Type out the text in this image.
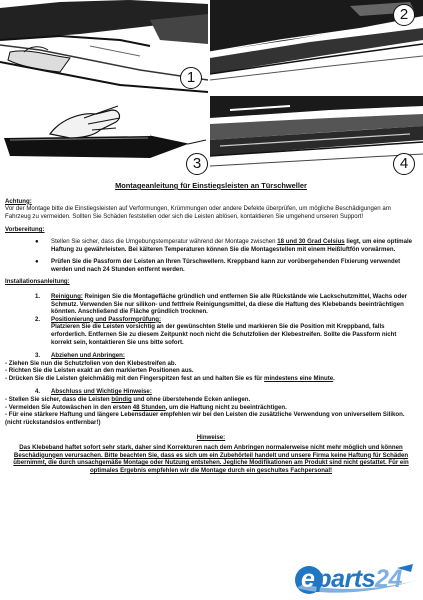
1
2
3	4
Montageanleitung für Einstiegsleisten an Türschweller
Achtung:

Vor der Montage bitte die Einstiegsleisten auf Verformungen, Krümmungen oder andere Defekte überprüfen, um mögliche Beschädigungen am Fahrzeug zu vermeiden. Sollten Sie Schäden feststellen oder sich die Leisten ablösen, kontaktieren Sie umgehend unseren Support!

Vorbereitung:
● Stellen Sie sicher, dass die Umgebungstemperatur während der Montage zwischen 18 und 30 Grad Celsius liegt, um eine optimale Haftung zu gewährleisten. Bei kälteren Temperaturen können Sie die Montagestellen mit einem Heißluftfön vorwärmen.
● Prüfen Sie die Passform der Leisten an Ihren Türschwellern. Kreppband kann zur vorübergehenden Fixierung verwendet werden und nach 24 Stunden entfernt werden.
Installationsanleitung:
1. Reinigung: Reinigen Sie die Montagefläche gründlich und entfernen Sie alle Rückstände wie Lackschutzmittel, Wachs oder Schmutz. Verwenden Sie nur silikon- und fettfreie Reinigungsmittel, da diese die Haftung des Klebebands beeinträchtigen könnten. Anschließend die Fläche gründlich trocknen.
2. Positionierung und Passformprüfung:
Platzieren Sie die Leisten vorsichtig an der gewünschten Stelle und markieren Sie die Position mit Kreppband, falls erforderlich. Entfernen Sie zu diesem Zeitpunkt noch nicht die Schutzfolien der Klebestreifen. Sollte die Passform nicht korrekt sein, kontaktieren Sie uns bitte sofort.
3. Abziehen und Anbringen:
- Ziehen Sie nun die Schutzfolien von den Klebestreifen ab.
- Richten Sie die Leisten exakt an den markierten Positionen aus.
- Drücken Sie die Leisten gleichmäßig mit den Fingerspitzen fest an und halten Sie es für mindestens eine Minute.
4. Abschluss und Wichtige Hinweise:
- Stellen Sie sicher, dass die Leisten bündig und ohne überstehende Ecken anliegen.
- Vermeiden Sie Autowäschen in den ersten 48 Stunden, um die Haftung nicht zu beeinträchtigen.
- Für eine stärkere Haftung und längere Lebensdauer empfehlen wir bei den Leisten die zusätzliche Verwendung von universellem Silikon. (nicht rückstandslos entfernbar!)
Hinweise:
Das Klebeband haftet sofort sehr stark, daher sind Korrekturen nach dem Anbringen normalerweise nicht mehr möglich und können Beschädigungen verursachen. Bitte beachten Sie, dass es sich um ein Zubehörteil handelt und unsere Firma keine Haftung für Schäden übernimmt, die durch unsachgemäße Montage oder Nutzung entstehen. Jegliche Modifikationen am Produkt sind nicht gestattet. Für ein optimales Ergebnis empfehlen wir die Montage durch ein geschultes Fachpersonal!
eparts24
